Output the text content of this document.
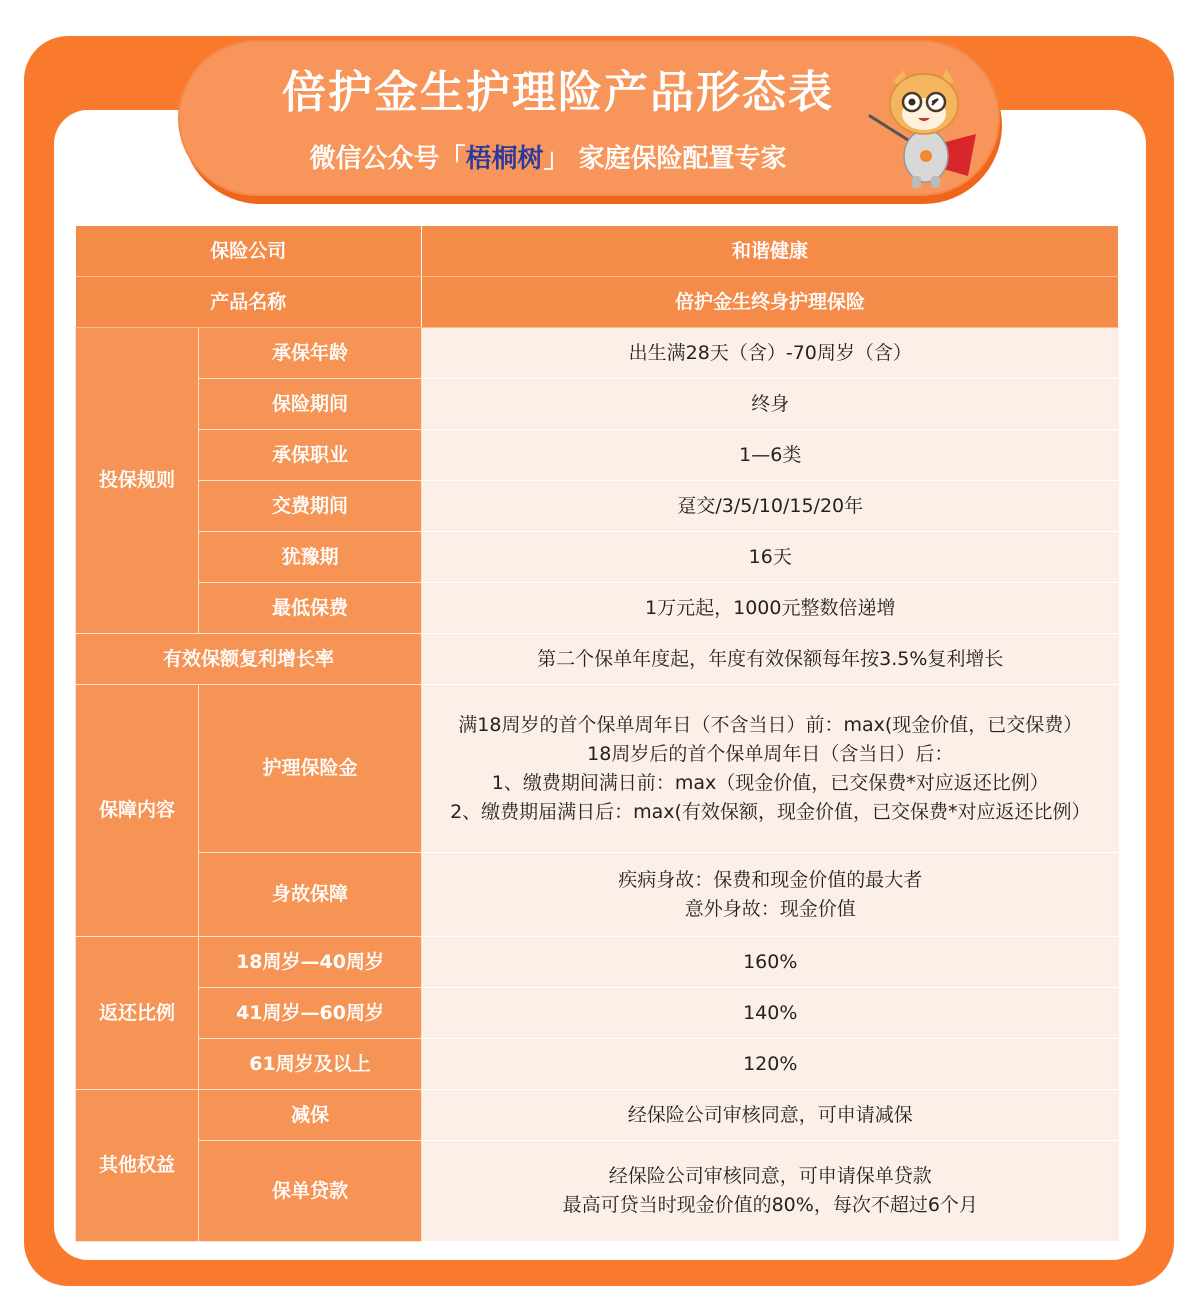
倍护金生护理险产品形态表
微信公众号「梧桐树」 家庭保险配置专家
保险公司		和谐健康
产品名称		倍护金生终身护理保险
投保规则	承保年龄	出生满28天（含）-70周岁（含）
	保险期间	终身
	承保职业	1—6类
	交费期间	趸交/3/5/10/15/20年
	犹豫期	16天
	最低保费	1万元起，1000元整数倍递增
有效保额复利增长率		第二个保单年度起，年度有效保额每年按3.5%复利增长
保障内容	护理保险金	满18周岁的首个保单周年日（不含当日）前：max(现金价值，已交保费）
18周岁后的首个保单周年日（含当日）后：
1、缴费期间满日前：max（现金价值，已交保费*对应返还比例）
2、缴费期届满日后：max(有效保额，现金价值，已交保费*对应返还比例）

	身故保障	疾病身故：保费和现金价值的最大者
意外身故：现金价值

返还比例	18周岁—40周岁	160%
	41周岁—60周岁	140%
	61周岁及以上	120%
其他权益	减保	经保险公司审核同意，可申请减保
	保单贷款	经保险公司审核同意，可申请保单贷款
最高可贷当时现金价值的80%，每次不超过6个月
